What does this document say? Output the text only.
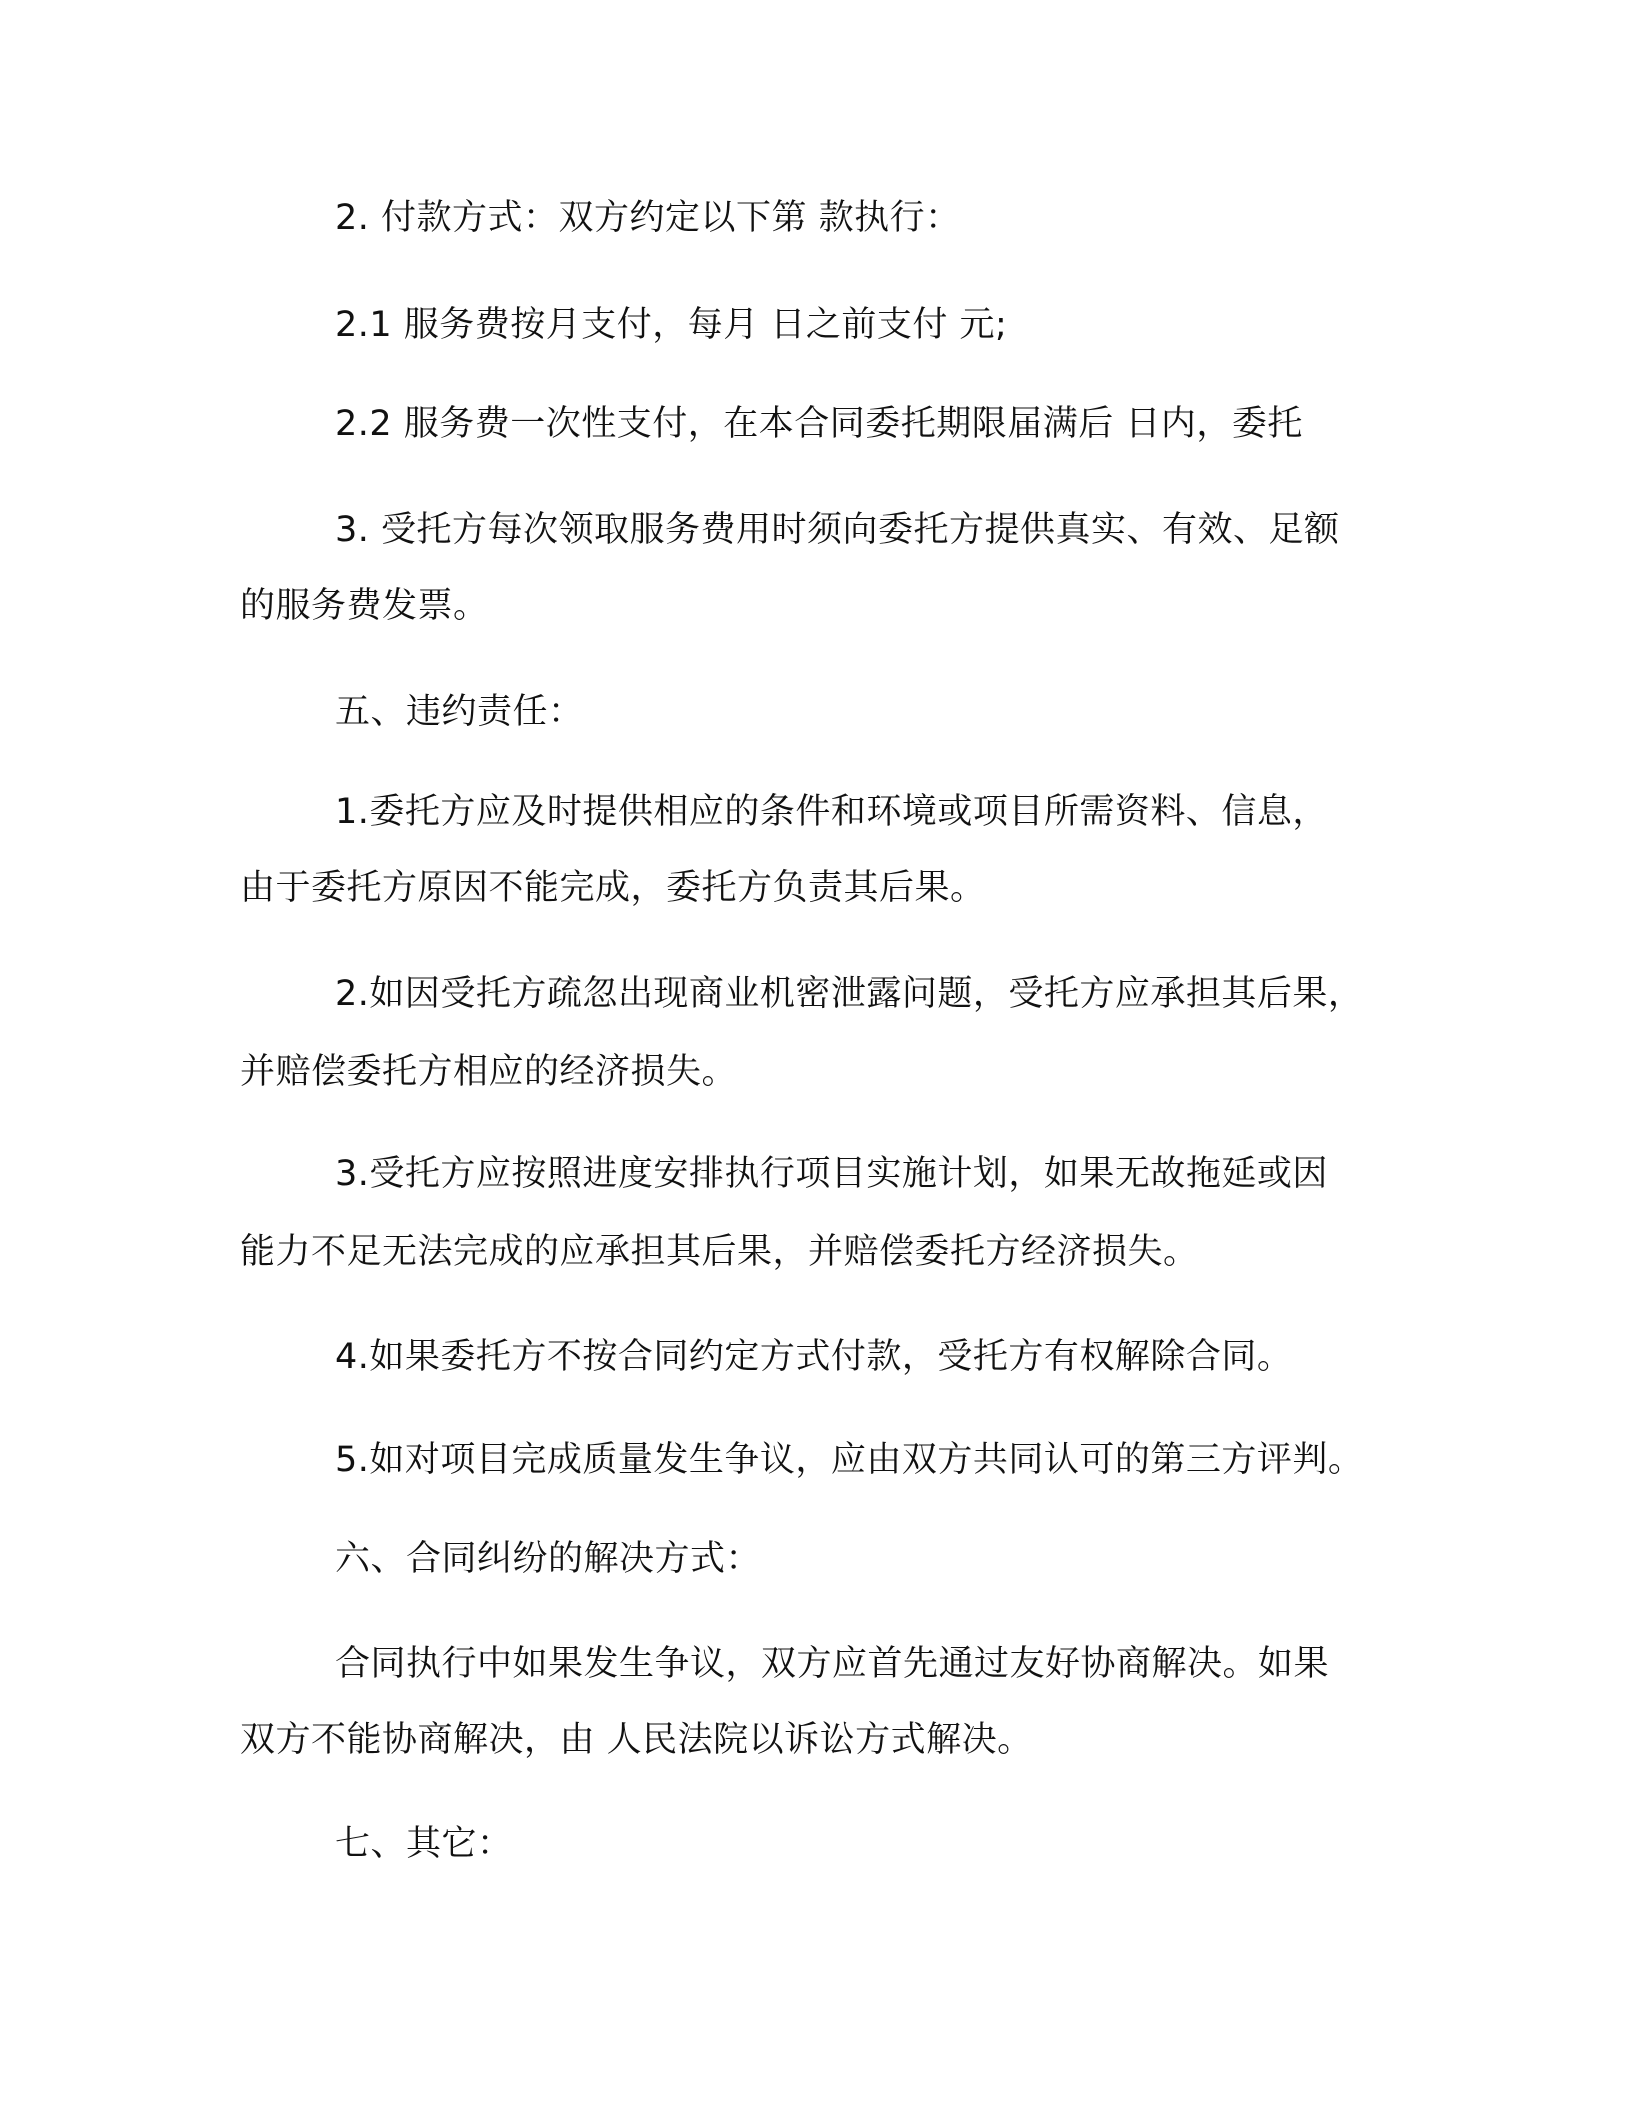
2. 付款方式：双方约定以下第 款执行：
2.1 服务费按月支付，每月 日之前支付 元;
2.2 服务费一次性支付，在本合同委托期限届满后 日内，委托
3. 受托方每次领取服务费用时须向委托方提供真实、有效、足额
的服务费发票。
五、违约责任：
1.委托方应及时提供相应的条件和环境或项目所需资料、信息，
由于委托方原因不能完成，委托方负责其后果。
2.如因受托方疏忽出现商业机密泄露问题，受托方应承担其后果，
并赔偿委托方相应的经济损失。
3.受托方应按照进度安排执行项目实施计划，如果无故拖延或因
能力不足无法完成的应承担其后果，并赔偿委托方经济损失。
4.如果委托方不按合同约定方式付款，受托方有权解除合同。
5.如对项目完成质量发生争议，应由双方共同认可的第三方评判。
六、合同纠纷的解决方式：
合同执行中如果发生争议，双方应首先通过友好协商解决。如果
双方不能协商解决，由 人民法院以诉讼方式解决。
七、其它：
